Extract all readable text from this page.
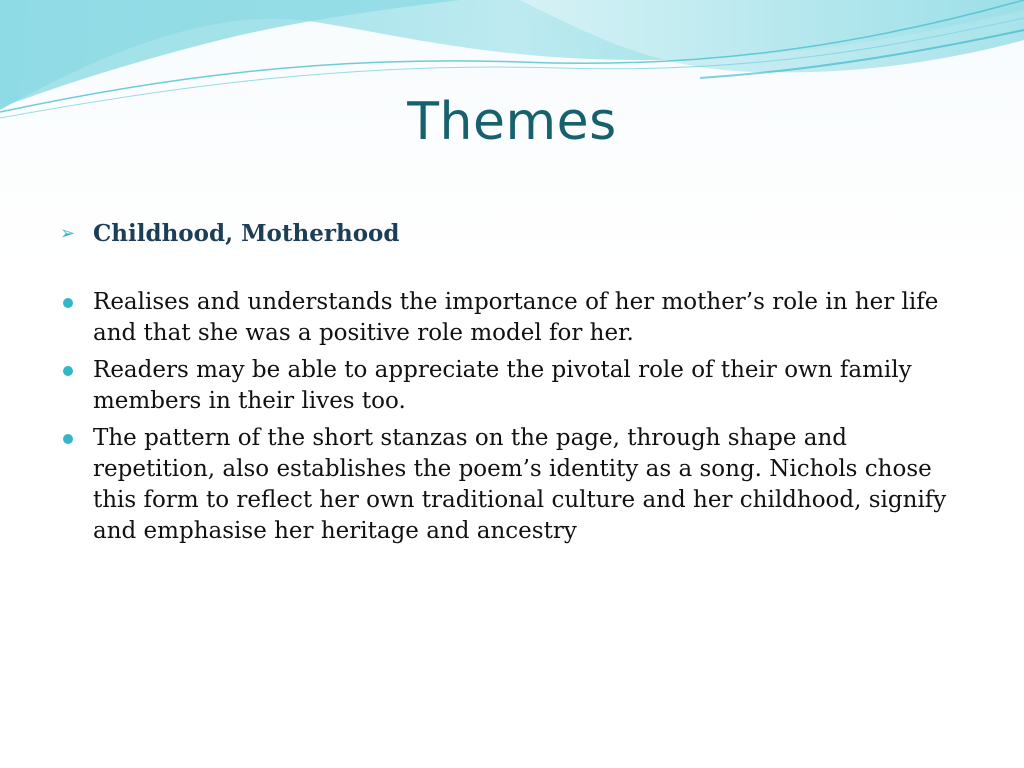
Themes
➢ Childhood, Motherhood
Realises and understands the importance of her mother’s role in her life and that she was a positive role model for her.
Readers may be able to appreciate the pivotal role of their own family members in their lives too.
The pattern of the short stanzas on the page, through shape and repetition, also establishes the poem’s identity as a song. Nichols chose this form to reflect her own traditional culture and her childhood, signify and emphasise her heritage and ancestry
